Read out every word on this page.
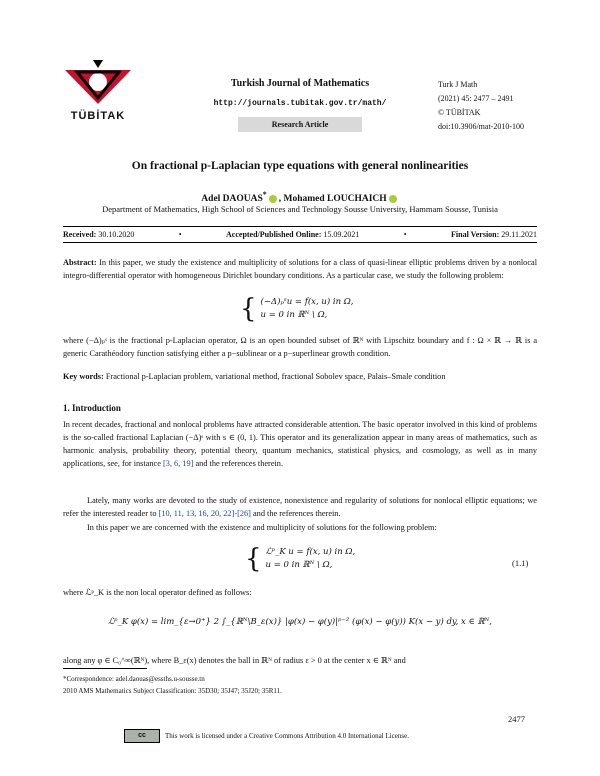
TÜBİTAK
Turkish Journal of Mathematics
http://journals.tubitak.gov.tr/math/
Research Article
Turk J Math
(2021) 45: 2477 – 2491
© TÜBİTAK
doi:10.3906/mat-2010-100
On fractional p-Laplacian type equations with general nonlinearities
Adel DAOUAS* , Mohamed LOUCHAICH
Department of Mathematics, High School of Sciences and Technology Sousse University, Hammam Sousse, Tunisia
Received: 30.10.2020	•	Accepted/Published Online: 15.09.2021	•	Final Version: 29.11.2021
Abstract: In this paper, we study the existence and multiplicity of solutions for a class of quasi-linear elliptic problems driven by a nonlocal integro-differential operator with homogeneous Dirichlet boundary conditions. As a particular case, we study the following problem:
{ (−Δ)ₚˢu = f(x, u) in Ω,
u = 0 in ℝᴺ \ Ω,
where (−Δ)ₚˢ is the fractional p-Laplacian operator, Ω is an open bounded subset of ℝᴺ with Lipschitz boundary and f : Ω × ℝ → ℝ is a generic Carathéodory function satisfying either a p−sublinear or a p−superlinear growth condition.
Key words: Fractional p-Laplacian problem, variational method, fractional Sobolev space, Palais–Smale condition
1. Introduction
In recent decades, fractional and nonlocal problems have attracted considerable attention. The basic operator involved in this kind of problems is the so-called fractional Laplacian (−Δ)ˢ with s ∈ (0, 1). This operator and its generalization appear in many areas of mathematics, such as harmonic analysis, probability theory, potential theory, quantum mechanics, statistical physics, and cosmology, as well as in many applications, see, for instance [3, 6, 19] and the references therein.
Lately, many works are devoted to the study of existence, nonexistence and regularity of solutions for nonlocal elliptic equations; we refer the interested reader to [10, 11, 13, 16, 20, 22]-[26] and the references therein.
In this paper we are concerned with the existence and multiplicity of solutions for the following problem:
{ ℒᵖ_K u = f(x, u) in Ω,
u = 0 in ℝᴺ \ Ω,	(1.1)
where ℒᵖ_K is the non local operator defined as follows:
ℒᵖ_K φ(x) = lim_{ε→0⁺} 2 ∫_{ℝᴺ\B_ε(x)} |φ(x) − φ(y)|ᵖ⁻² (φ(x) − φ(y)) K(x − y) dy, x ∈ ℝᴺ,
along any φ ∈ C₀^∞(ℝᴺ), where B_ε(x) denotes the ball in ℝᴺ of radius ε > 0 at the center x ∈ ℝᴺ and
*Correspondence: adel.daouas@essths.u-sousse.tn
2010 AMS Mathematics Subject Classification: 35D30; 35J47; 35J20; 35R11.
2477
cc	This work is licensed under a Creative Commons Attribution 4.0 International License.
